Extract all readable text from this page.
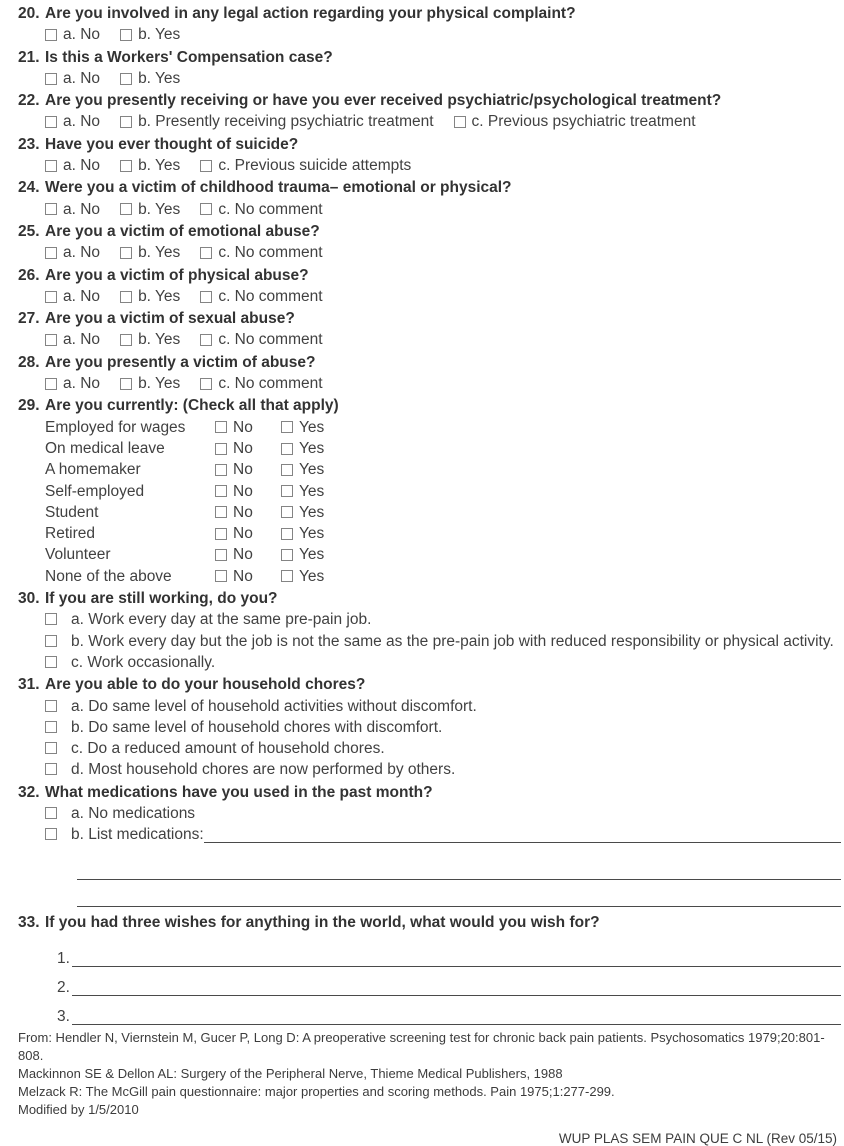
20. Are you involved in any legal action regarding your physical complaint?
a. No b. Yes
21. Is this a Workers' Compensation case?
a. No b. Yes
22. Are you presently receiving or have you ever received psychiatric/psychological treatment?
a. No b. Presently receiving psychiatric treatment c. Previous psychiatric treatment
23. Have you ever thought of suicide?
a. No b. Yes c. Previous suicide attempts
24. Were you a victim of childhood trauma– emotional or physical?
a. No b. Yes c. No comment
25. Are you a victim of emotional abuse?
a. No b. Yes c. No comment
26. Are you a victim of physical abuse?
a. No b. Yes c. No comment
27. Are you a victim of sexual abuse?
a. No b. Yes c. No comment
28. Are you presently a victim of abuse?
a. No b. Yes c. No comment
29. Are you currently: (Check all that apply)
Employed for wages	No	Yes
On medical leave	No	Yes
A homemaker	No	Yes
Self-employed	No	Yes
Student	No	Yes
Retired	No	Yes
Volunteer	No	Yes
None of the above	No	Yes
30. If you are still working, do you?
a. Work every day at the same pre-pain job.
b. Work every day but the job is not the same as the pre-pain job with reduced responsibility or physical activity.
c. Work occasionally.
31. Are you able to do your household chores?
a. Do same level of household activities without discomfort.
b. Do same level of household chores with discomfort.
c. Do a reduced amount of household chores.
d. Most household chores are now performed by others.
32. What medications have you used in the past month?
a. No medications
b. List medications:
33. If you had three wishes for anything in the world, what would you wish for?
1.
2.
3.
From: Hendler N, Viernstein M, Gucer P, Long D: A preoperative screening test for chronic back pain patients. Psychosomatics 1979;20:801-808.
Mackinnon SE & Dellon AL: Surgery of the Peripheral Nerve, Thieme Medical Publishers, 1988
Melzack R: The McGill pain questionnaire: major properties and scoring methods. Pain 1975;1:277-299.
Modified by 1/5/2010
WUP PLAS SEM PAIN QUE C NL (Rev 05/15)
